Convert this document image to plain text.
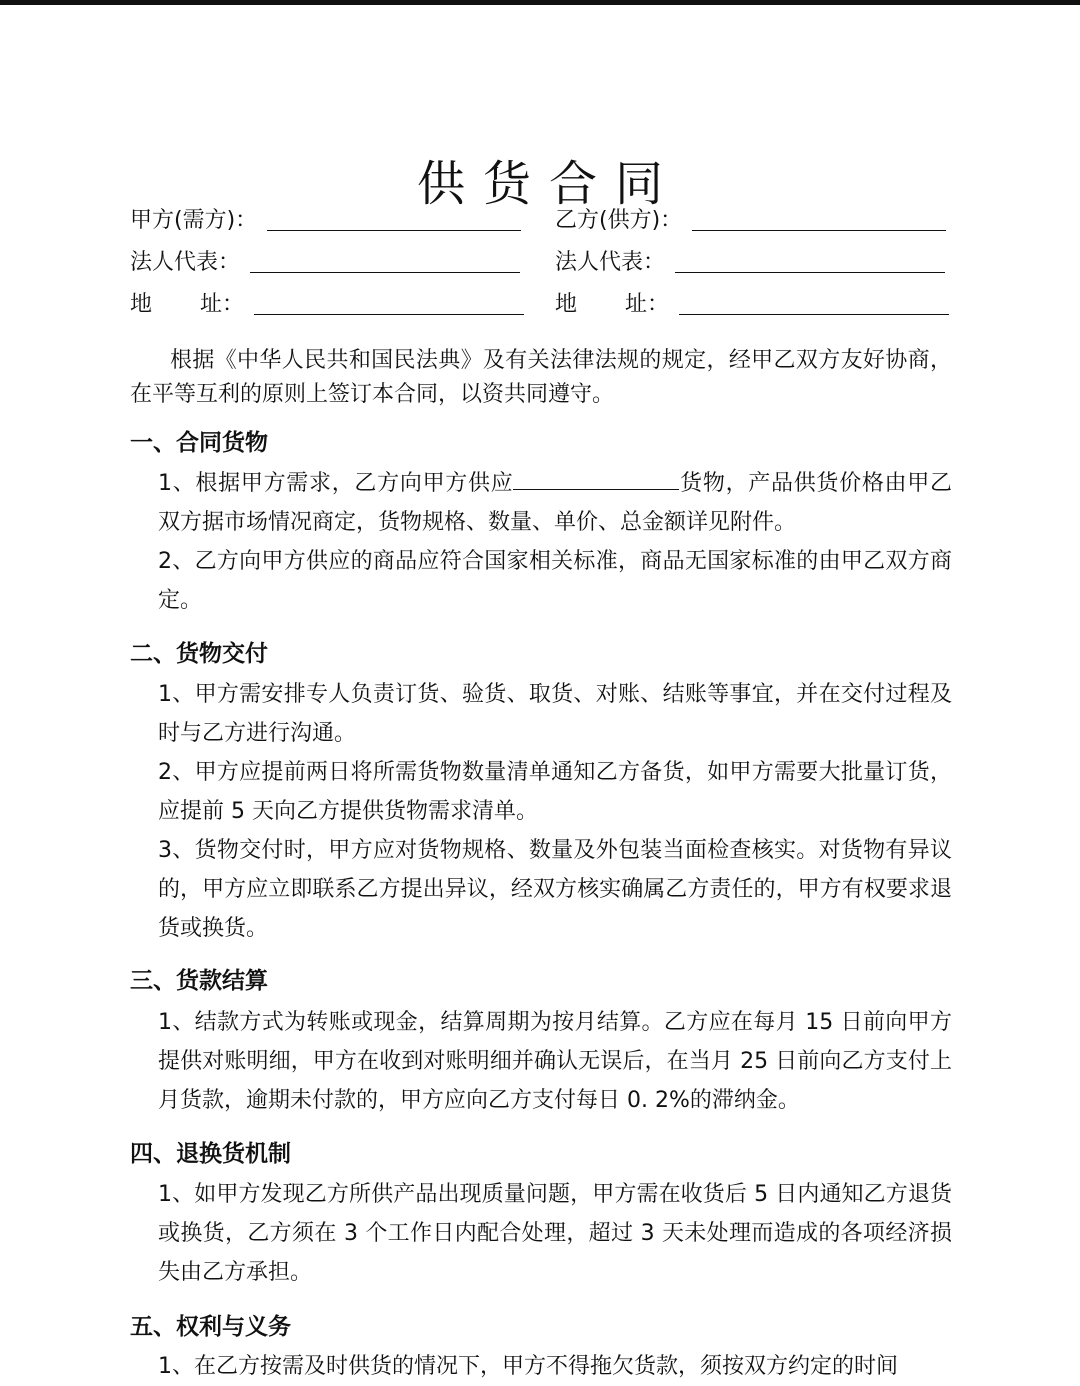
供货合同
甲方(需方)：
法人代表：
地 址：
乙方(供方)：
法人代表：
地 址：

根据《中华人民共和国民法典》及有关法律法规的规定，经甲乙双方友好协商，在平等互利的原则上签订本合同，以资共同遵守。

一、合同货物

1、根据甲方需求，乙方向甲方供应	货物，产品供货价格由甲乙双方据市场情况商定，货物规格、数量、单价、总金额详见附件。

2、乙方向甲方供应的商品应符合国家相关标准，商品无国家标准的由甲乙双方商定。

二、货物交付

1、甲方需安排专人负责订货、验货、取货、对账、结账等事宜，并在交付过程及时与乙方进行沟通。

2、甲方应提前两日将所需货物数量清单通知乙方备货，如甲方需要大批量订货，应提前 5 天向乙方提供货物需求清单。

3、货物交付时，甲方应对货物规格、数量及外包装当面检查核实。对货物有异议的，甲方应立即联系乙方提出异议，经双方核实确属乙方责任的，甲方有权要求退货或换货。

三、货款结算

1、结款方式为转账或现金，结算周期为按月结算。乙方应在每月 15 日前向甲方提供对账明细，甲方在收到对账明细并确认无误后，在当月 25 日前向乙方支付上月货款，逾期未付款的，甲方应向乙方支付每日 0. 2%的滞纳金。

四、退换货机制

1、如甲方发现乙方所供产品出现质量问题，甲方需在收货后 5 日内通知乙方退货或换货，乙方须在 3 个工作日内配合处理，超过 3 天未处理而造成的各项经济损失由乙方承担。

五、权利与义务

1、在乙方按需及时供货的情况下，甲方不得拖欠货款，须按双方约定的时间
